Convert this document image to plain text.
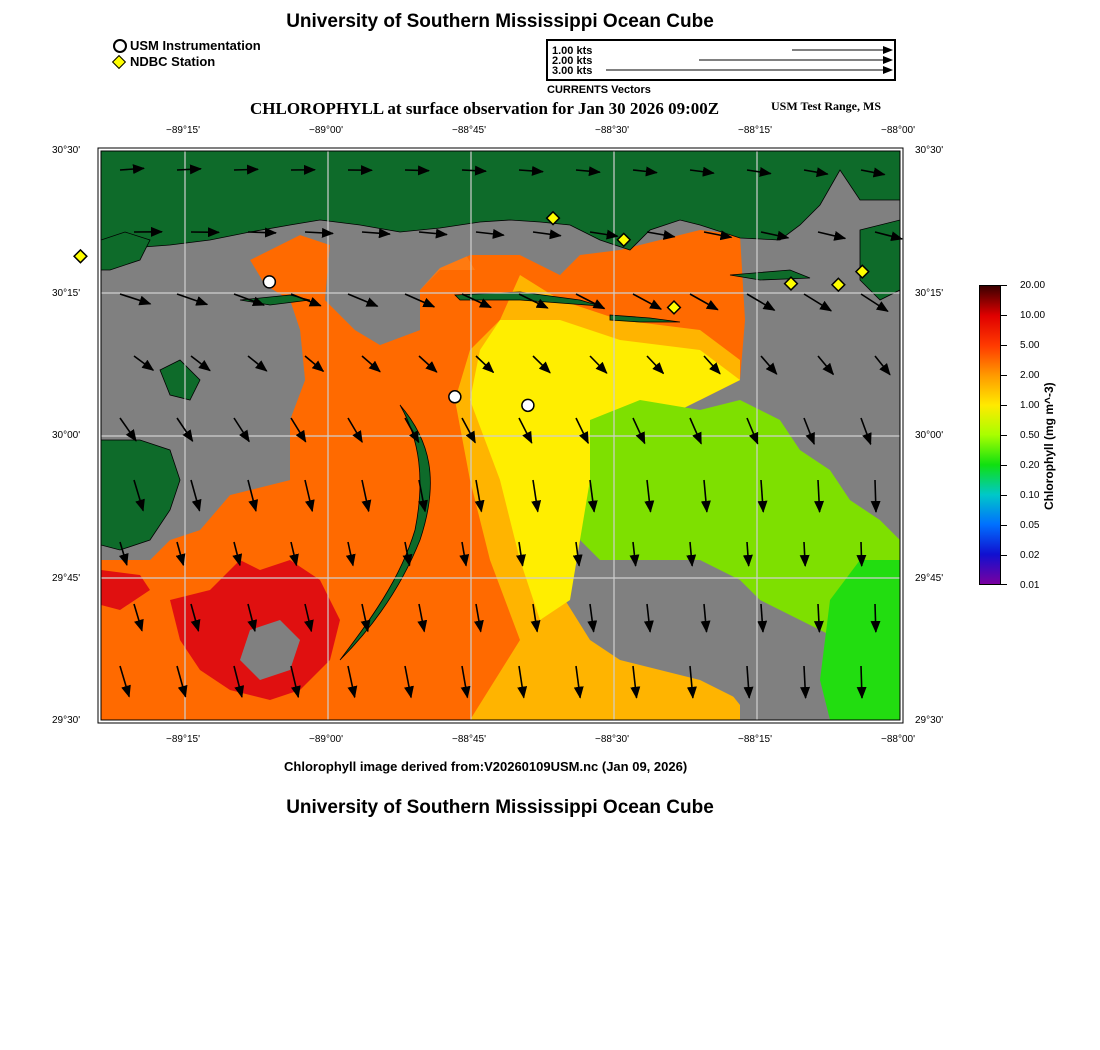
University of Southern Mississippi Ocean Cube
USM Instrumentation
NDBC Station
1.00 kts
2.00 kts
3.00 kts
CURRENTS Vectors
CHLOROPHYLL at surface observation for Jan 30 2026 09:00Z	USM Test Range, MS
−89°15'	−89°00'	−88°45'	−88°30'	−88°15'	−88°00'
−89°15'	−89°00'	−88°45'	−88°30'	−88°15'	−88°00'
30°30'
30°15'
30°00'
29°45'
29°30'
30°30'
30°15'
30°00'
29°45'
29°30'
20.00
10.00
5.00
2.00
1.00
0.50
0.20
0.10
0.05
0.02
0.01
Chlorophyll (mg m^-3)
Chlorophyll image derived from:V20260109USM.nc (Jan 09, 2026)
University of Southern Mississippi Ocean Cube
